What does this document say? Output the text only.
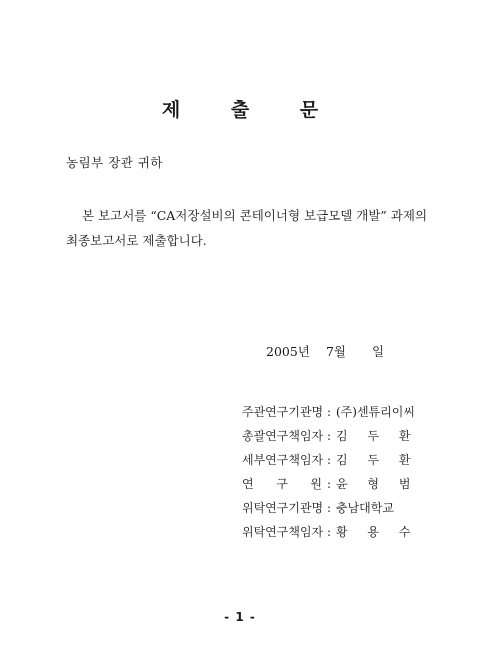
제 출 문
농림부 장관 귀하
본 보고서를 “CA저장설비의 콘테이너형 보급모델 개발” 과제의
최종보고서로 제출합니다.
2005년 7월 일
주관연구기관명 : (주)센튜리이씨
총괄연구책임자 : 김 두 환
세부연구책임자 : 김 두 환
연 구 원 : 윤 형 범
위탁연구기관명 : 충남대학교
위탁연구책임자 : 황 용 수
- 1 -
